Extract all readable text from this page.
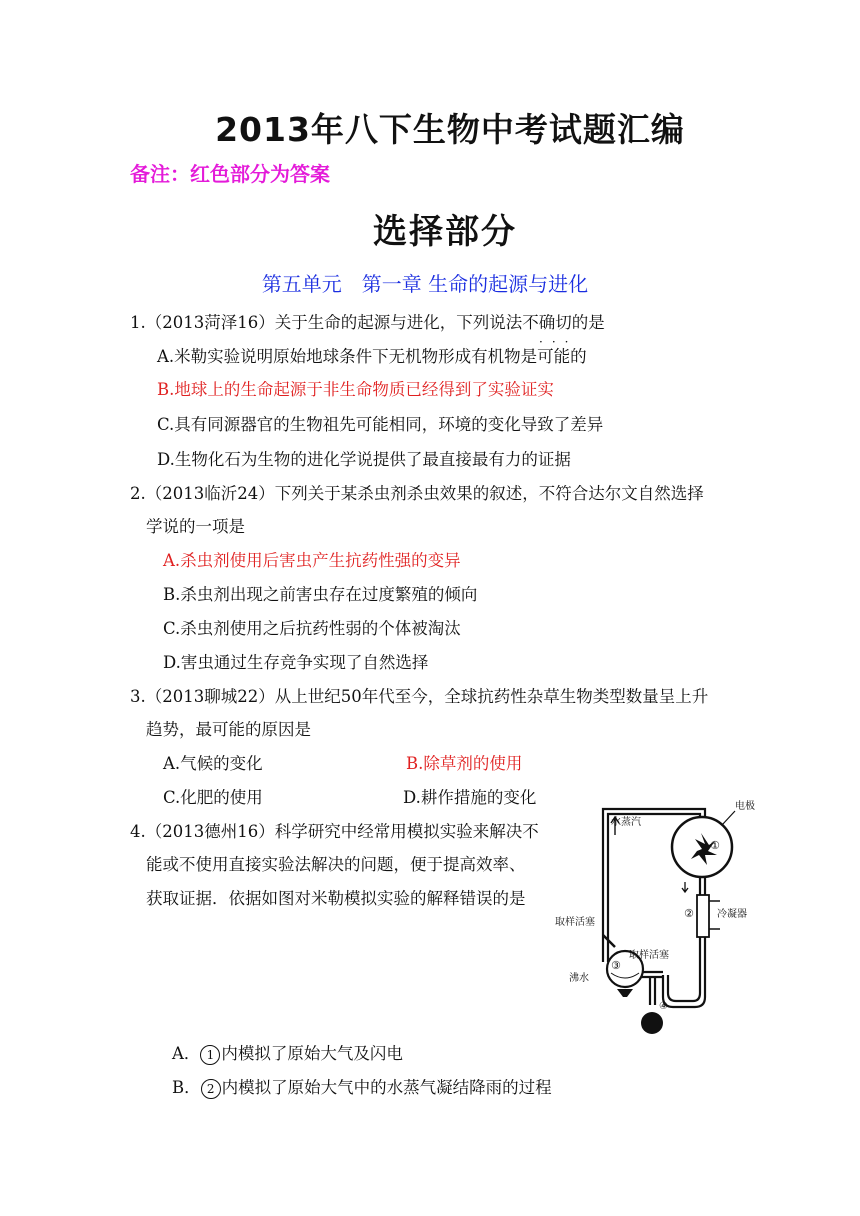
2013年八下生物中考试题汇编
备注：红色部分为答案
选择部分
第五单元　第一章 生命的起源与进化
1.（2013菏泽16）关于生命的起源与进化，下列说法不确切的是
···
A.米勒实验说明原始地球条件下无机物形成有机物是可能的
B.地球上的生命起源于非生命物质已经得到了实验证实
C.具有同源器官的生物祖先可能相同，环境的变化导致了差异
D.生物化石为生物的进化学说提供了最直接最有力的证据
2.（2013临沂24）下列关于某杀虫剂杀虫效果的叙述，不符合达尔文自然选择
学说的一项是
A.杀虫剂使用后害虫产生抗药性强的变异
B.杀虫剂出现之前害虫存在过度繁殖的倾向
C.杀虫剂使用之后抗药性弱的个体被淘汰
D.害虫通过生存竞争实现了自然选择
3.（2013聊城22）从上世纪50年代至今，全球抗药性杂草生物类型数量呈上升
趋势，最可能的原因是
A.气候的变化	B.除草剂的使用
C.化肥的使用	D.耕作措施的变化
4.（2013德州16）科学研究中经常用模拟实验来解决不
能或不使用直接实验法解决的问题，便于提高效率、
获取证据．依据如图对米勒模拟实验的解释错误的是
A． 1 内模拟了原始大气及闪电
B． 2 内模拟了原始大气中的水蒸气凝结降雨的过程
水蒸汽
电极
冷凝器
取样活塞
取样活塞
沸水
①
②
③
④
